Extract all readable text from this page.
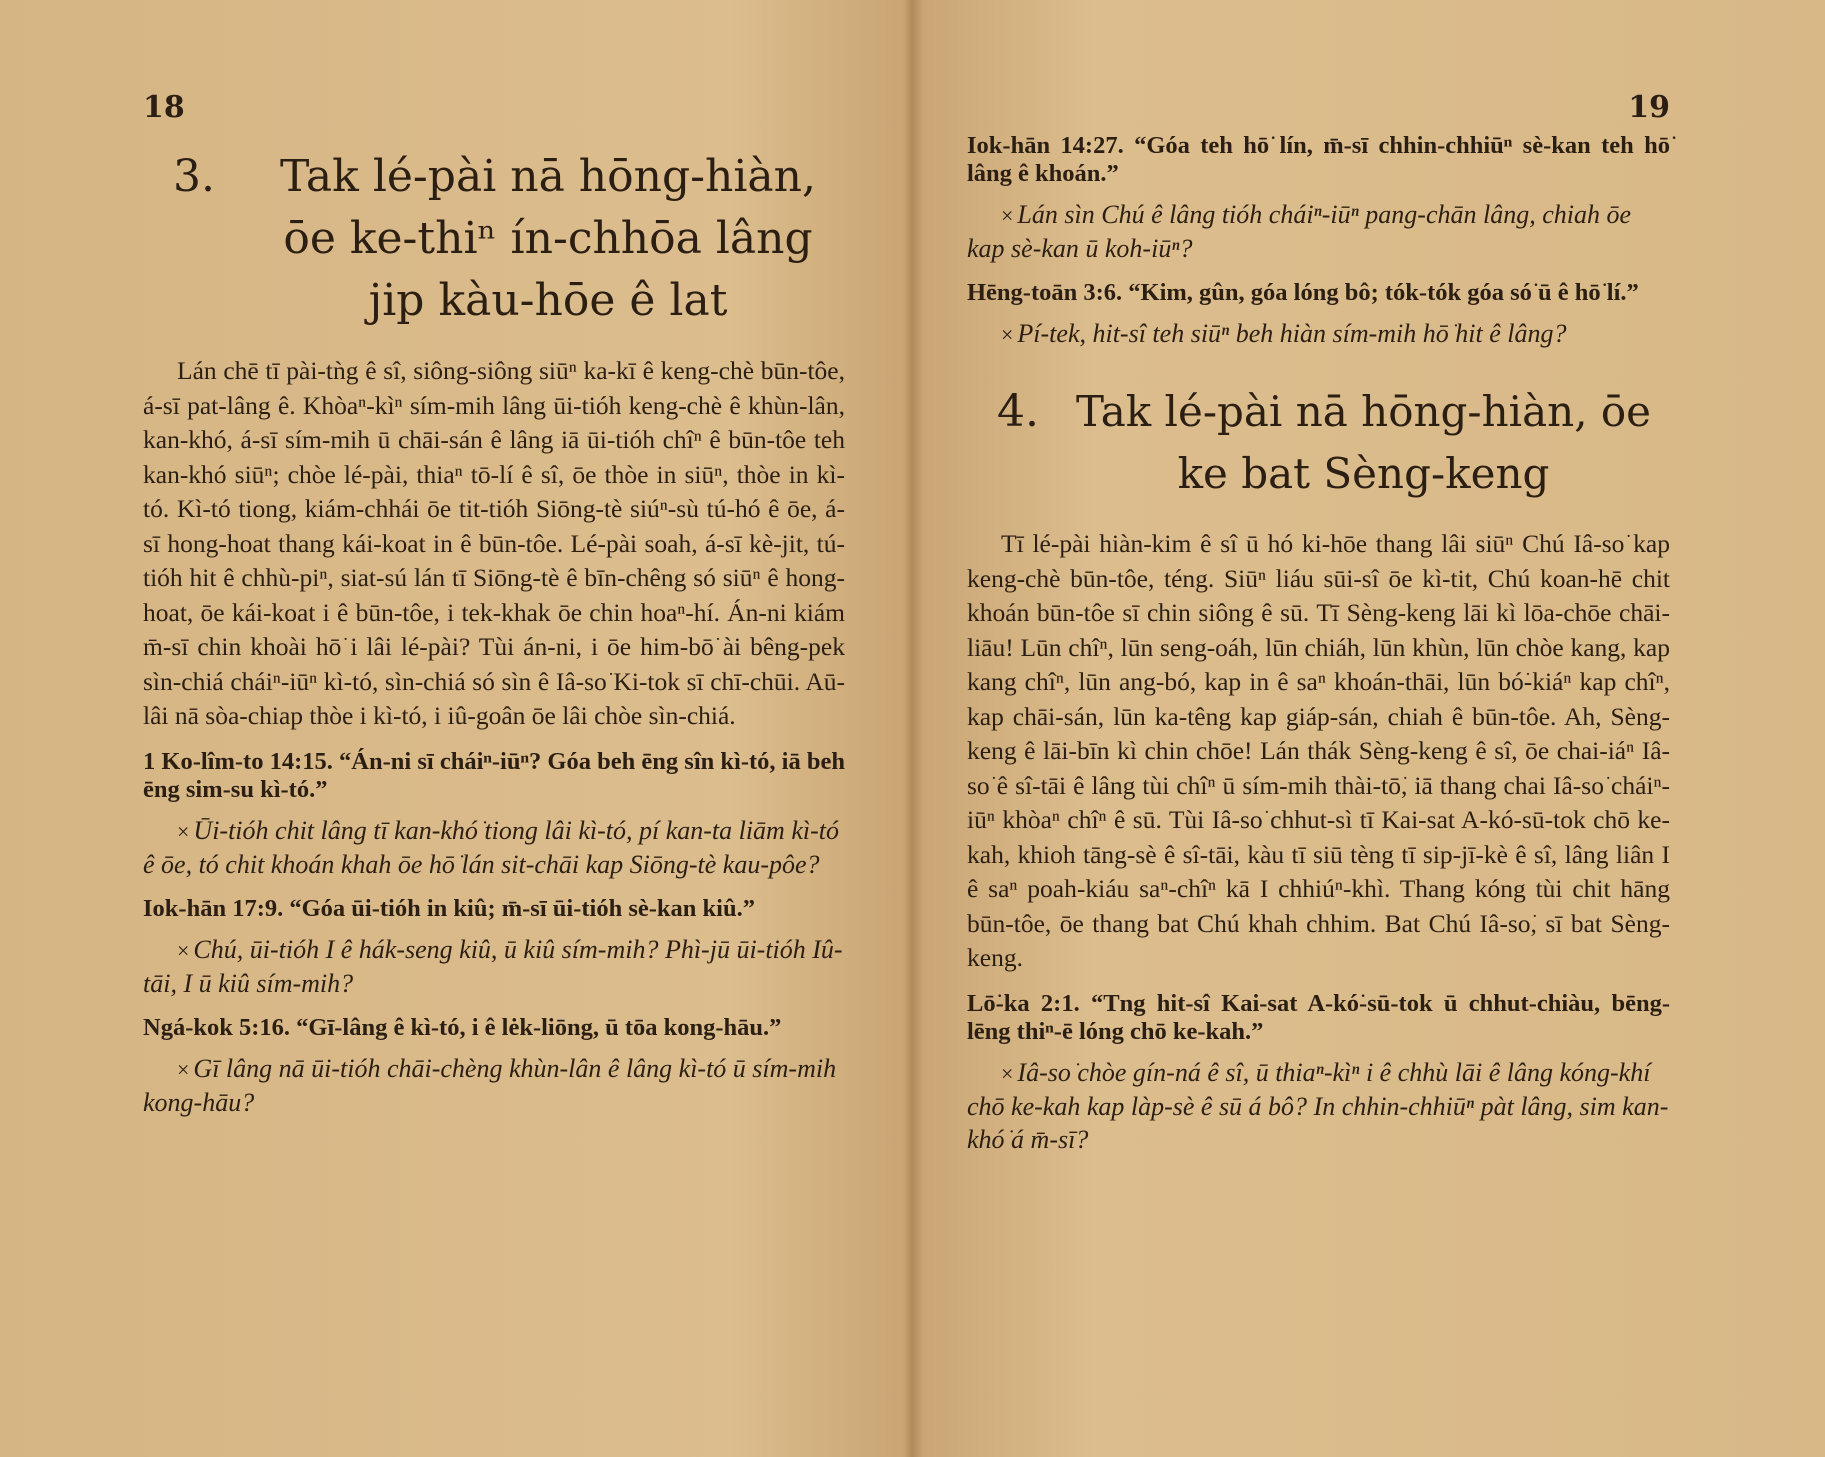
18
3.	Tak lé-pài nā hōng-hiàn, ōe ke-thiⁿ ín-chhōa lâng jip kàu-hōe ê lat

Lán chē tī pài-tǹg ê sî, siông-siông siūⁿ ka-kī ê keng-chè būn-tôe, á-sī pat-lâng ê. Khòaⁿ-kìⁿ sím-mih lâng ūi-tióh keng-chè ê khùn-lân, kan-khó, á-sī sím-mih ū chāi-sán ê lâng iā ūi-tióh chîⁿ ê būn-tôe teh kan-khó siūⁿ; chòe lé-pài, thiaⁿ tō-lí ê sî, ōe thòe in siūⁿ, thòe in kì-tó. Kì-tó tiong, kiám-chhái ōe tit-tióh Siōng-tè siúⁿ-sù tú-hó ê ōe, á-sī hong-hoat thang kái-koat in ê būn-tôe. Lé-pài soah, á-sī kè-jit, tú-tióh hit ê chhù-piⁿ, siat-sú lán tī Siōng-tè ê bīn-chêng só siūⁿ ê hong-hoat, ōe kái-koat i ê būn-tôe, i tek-khak ōe chin hoaⁿ-hí. Án-ni kiám m̄-sī chin khoài hō͘ i lâi lé-pài? Tùi án-ni, i ōe him-bō͘ ài bêng-pek sìn-chiá cháiⁿ-iūⁿ kì-tó, sìn-chiá só sìn ê Iâ-so͘ Ki-tok sī chī-chūi. Aū-lâi nā sòa-chiap thòe i kì-tó, i iû-goân ōe lâi chòe sìn-chiá.

1 Ko-lîm-to 14:15. “Án-ni sī cháiⁿ-iūⁿ? Góa beh ēng sîn kì-tó, iā beh ēng sim-su kì-tó.”

× Ūi-tióh chit lâng tī kan-khó͘ tiong lâi kì-tó, pí kan-ta liām kì-tó ê ōe, tó chit khoán khah ōe hō͘ lán sit-chāi kap Siōng-tè kau-pôe?

Iok-hān 17:9. “Góa ūi-tióh in kiû; m̄-sī ūi-tióh sè-kan kiû.”

× Chú, ūi-tióh I ê hák-seng kiû, ū kiû sím-mih? Phì-jū ūi-tióh Iû-tāi, I ū kiû sím-mih?

Ngá-kok 5:16. “Gī-lâng ê kì-tó, i ê lėk-liōng, ū tōa kong-hāu.”

× Gī lâng nā ūi-tióh chāi-chèng khùn-lân ê lâng kì-tó ū sím-mih kong-hāu?

19

Iok-hān 14:27. “Góa teh hō͘ lín, m̄-sī chhin-chhiūⁿ sè-kan teh hō͘ lâng ê khoán.”

× Lán sìn Chú ê lâng tióh cháiⁿ-iūⁿ pang-chān lâng, chiah ōe kap sè-kan ū koh-iūⁿ?

Hēng-toān 3:6. “Kim, gûn, góa lóng bô; tók-tók góa só͘ ū ê hō͘ lí.”

× Pí-tek, hit-sî teh siūⁿ beh hiàn sím-mih hō͘ hit ê lâng?

4. Tak lé-pài nā hōng-hiàn, ōe ke bat Sèng-keng

Tī lé-pài hiàn-kim ê sî ū hó ki-hōe thang lâi siūⁿ Chú Iâ-so͘ kap keng-chè būn-tôe, téng. Siūⁿ liáu sūi-sî ōe kì-tit, Chú koan-hē chit khoán būn-tôe sī chin siông ê sū. Tī Sèng-keng lāi kì lōa-chōe chāi-liāu! Lūn chîⁿ, lūn seng-oáh, lūn chiáh, lūn khùn, lūn chòe kang, kap kang chîⁿ, lūn ang-bó, kap in ê saⁿ khoán-thāi, lūn bó͘-kiáⁿ kap chîⁿ, kap chāi-sán, lūn ka-têng kap giáp-sán, chiah ê būn-tôe. Ah, Sèng-keng ê lāi-bīn kì chin chōe! Lán thák Sèng-keng ê sî, ōe chai-iáⁿ Iâ-so͘ ê sî-tāi ê lâng tùi chîⁿ ū sím-mih thài-tō͘, iā thang chai Iâ-so͘ cháiⁿ-iūⁿ khòaⁿ chîⁿ ê sū. Tùi Iâ-so͘ chhut-sì tī Kai-sat A-kó-sū-tok chō ke-kah, khioh tāng-sè ê sî-tāi, kàu tī siū tèng tī sip-jī-kè ê sî, lâng liân I ê saⁿ poah-kiáu saⁿ-chîⁿ kā I chhiúⁿ-khì. Thang kóng tùi chit hāng būn-tôe, ōe thang bat Chú khah chhim. Bat Chú Iâ-so͘, sī bat Sèng-keng.

Lō͘-ka 2:1. “Tng hit-sî Kai-sat A-kó͘-sū-tok ū chhut-chiàu, bēng-lēng thiⁿ-ē lóng chō ke-kah.”

× Iâ-so͘ chòe gín-ná ê sî, ū thiaⁿ-kìⁿ i ê chhù lāi ê lâng kóng-khí chō ke-kah kap làp-sè ê sū á bô? In chhin-chhiūⁿ pàt lâng, sim kan-khó͘ á m̄-sī?
